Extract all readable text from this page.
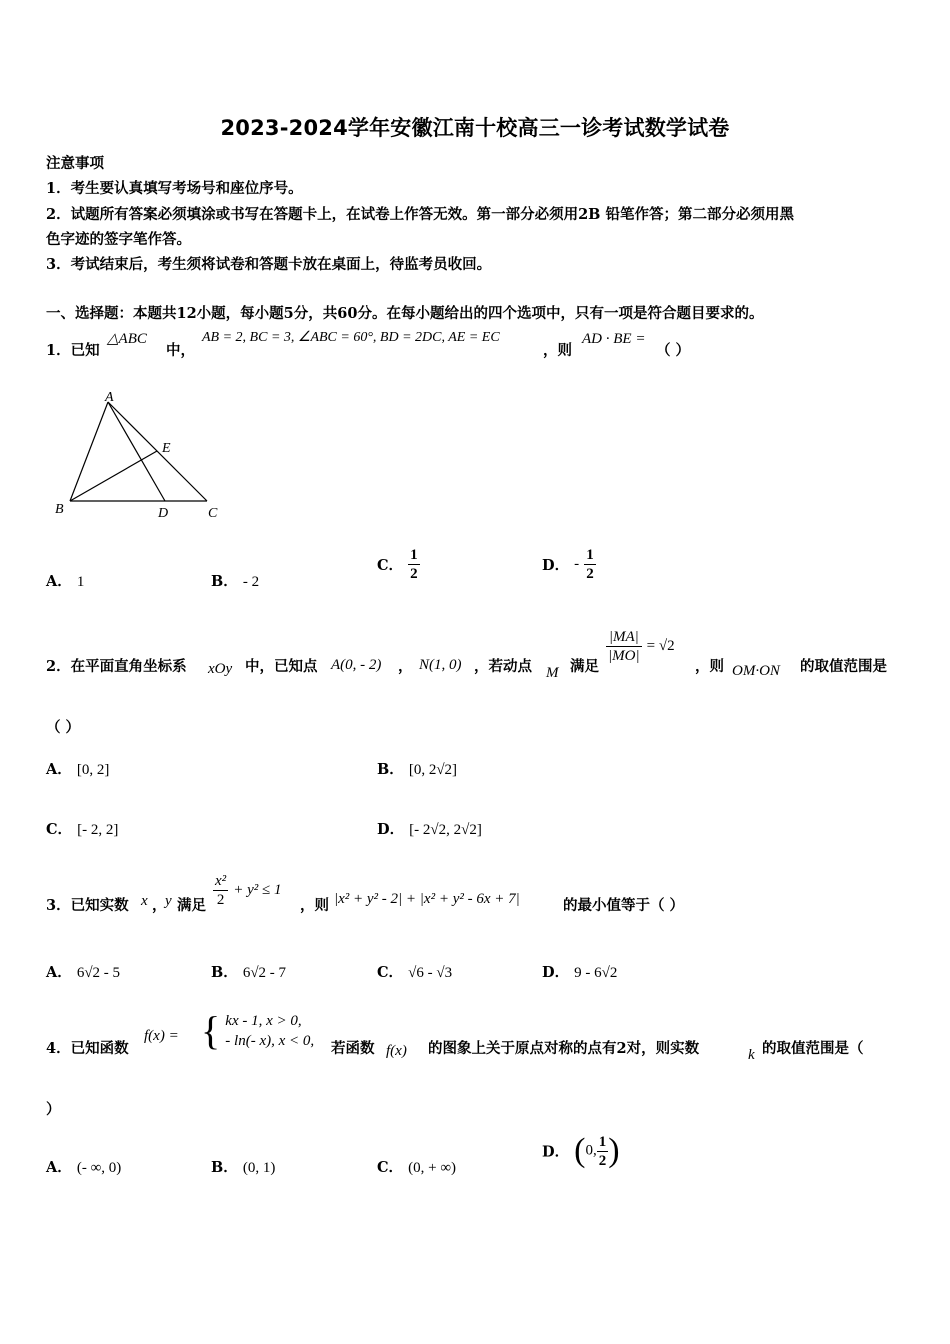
2023-2024学年安徽江南十校高三一诊考试数学试卷
注意事项
1．考生要认真填写考场号和座位序号。
2．试题所有答案必须填涂或书写在答题卡上，在试卷上作答无效。第一部分必须用2B 铅笔作答；第二部分必须用黑
色字迹的签字笔作答。
3．考试结束后，考生须将试卷和答题卡放在桌面上，待监考员收回。
一、选择题：本题共12小题，每小题5分，共60分。在每小题给出的四个选项中，只有一项是符合题目要求的。
1．已知
△ABC
中，
AB = 2, BC = 3, ∠ABC = 60°, BD = 2DC, AE = EC
，则
AD · BE =
（ ）
A
E
B	D	C
A． 1	B． - 2
C． $\frac{1}{2}$	D． - $\frac{1}{2}$
2．在平面直角坐标系 xOy 中，已知点 A(0, - 2) ， N(1, 0) ，若动点 M 满足
$\frac{|MA|}{|MO|} = √2$
，则 OM·ON 的取值范围是
（ ）
A． [0, 2]	B． [0, 2√2]
C． [- 2, 2]	D． [- 2√2, 2√2]
3．已知实数 x ，
y 满足 $\frac{\text{x²}}{2} + y^2 \le 1$
，则 |x² + y² - 2| + |x² + y² - 6x + 7|	的最小值等于（ ）
A． 6√2 - 5	B． 6√2 - 7	C． √6 - √3	D． 9 - 6√2
4．已知函数
f(x) = { kx - 1, x > 0,
- ln(- x), x < 0, 若函数 f(x) 的图象上关于原点对称的点有2对，则实数	k 的取值范围是（
）
A． (- ∞, 0)	B． (0, 1)	C． (0, + ∞)
D． (0, $\frac{1}{2}$ )
